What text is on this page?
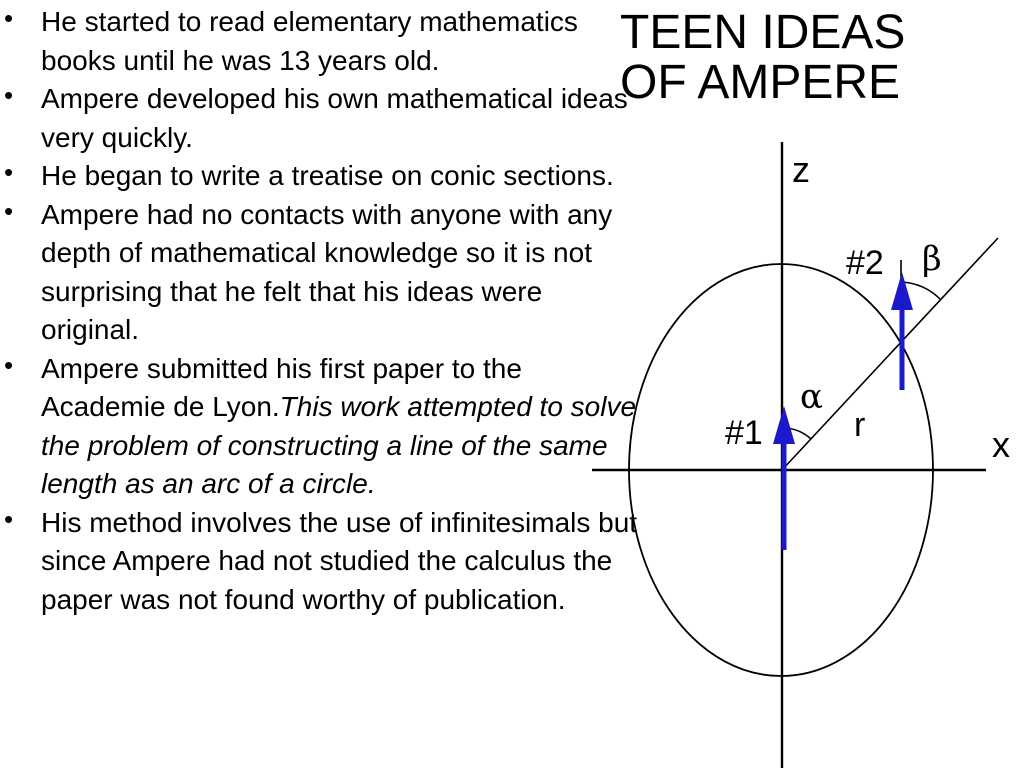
TEEN IDEAS
OF AMPERE
• He started to read elementary mathematics books until he was 13 years old.
• Ampere developed his own mathematical ideas very quickly.
• He began to write a treatise on conic sections.
• Ampere had no contacts with anyone with any depth of mathematical knowledge so it is not surprising that he felt that his ideas were original.
• Ampere submitted his first paper to the Academie de Lyon.This work attempted to solve the problem of constructing a line of the same length as an arc of a circle.
• His method involves the use of infinitesimals but since Ampere had not studied the calculus the paper was not found worthy of publication.
z
x
#1
#2
α
β
r
